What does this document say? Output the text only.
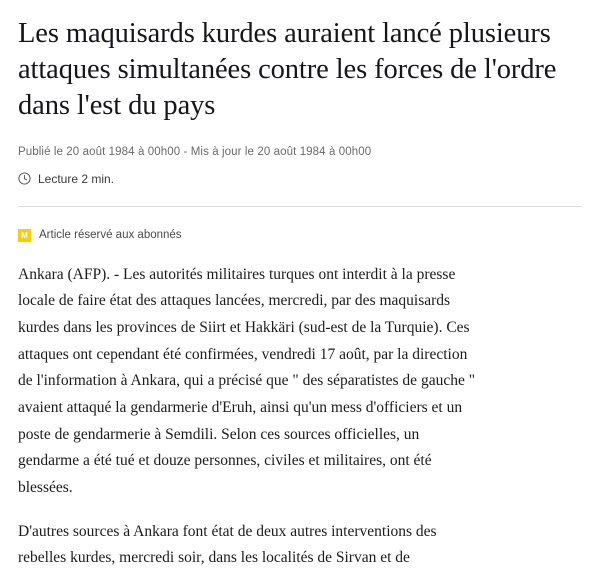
Les maquisards kurdes auraient lancé plusieurs attaques simultanées contre les forces de l'ordre dans l'est du pays
Publié le 20 août 1984 à 00h00 - Mis à jour le 20 août 1984 à 00h00
Lecture 2 min.
M Article réservé aux abonnés

Ankara (AFP). - Les autorités militaires turques ont interdit à la presse locale de faire état des attaques lancées, mercredi, par des maquisards kurdes dans les provinces de Siirt et Hakkäri (sud-est de la Turquie). Ces attaques ont cependant été confirmées, vendredi 17 août, par la direction de l'information à Ankara, qui a précisé que " des séparatistes de gauche " avaient attaqué la gendarmerie d'Eruh, ainsi qu'un mess d'officiers et un poste de gendarmerie à Semdili. Selon ces sources officielles, un gendarme a été tué et douze personnes, civiles et militaires, ont été blessées.

D'autres sources à Ankara font état de deux autres interventions des rebelles kurdes, mercredi soir, dans les localités de Sirvan et de
